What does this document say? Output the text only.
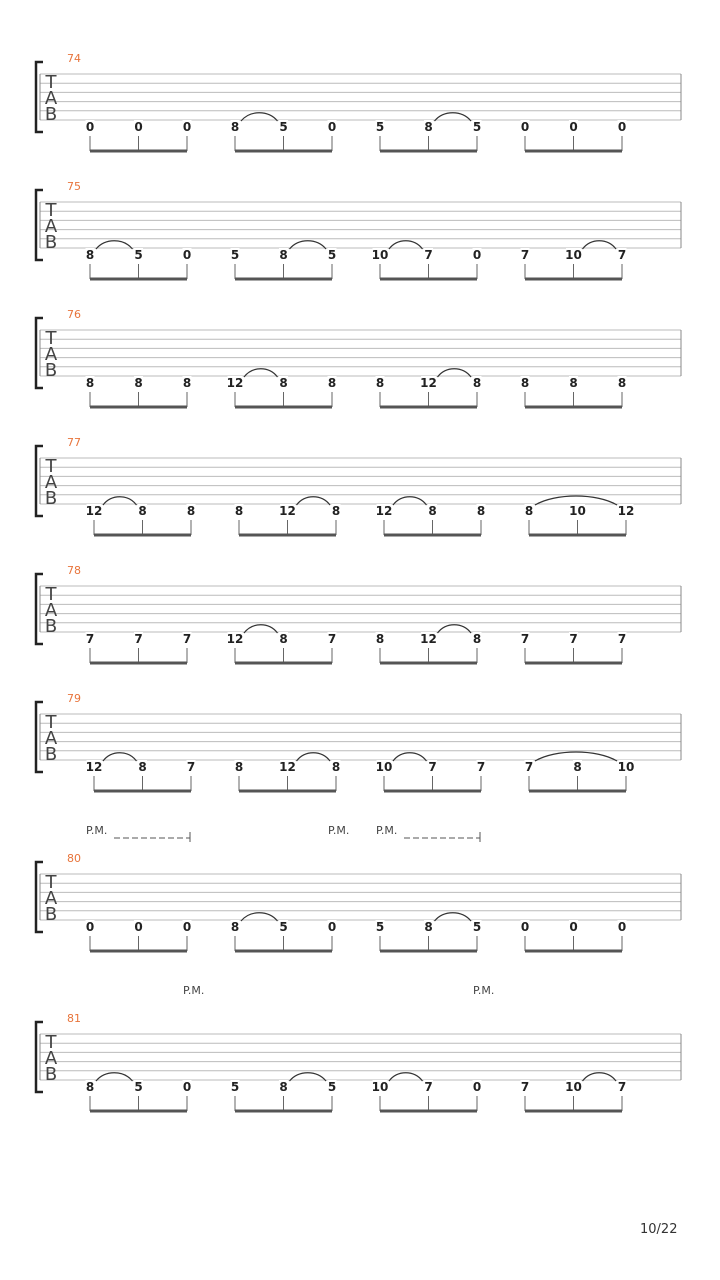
74
T
A
B
0	0	0	8	5	0	5	8	5	0	0	0
75
T
A
B
8	5	0	5	8	5	10	7	0	7	10	7
76
T
A
B
8	8	8	12	8	8	8	12	8	8	8	8
77
T
A
B
12	8	8	8	12	8	12	8	8	8	10	12
78
T
A
B
7	7	7	12	8	7	8	12	8	7	7	7
79
T
A
B
12	8	7	8	12	8	10	7	7	7	8	10
80
T
A
B
0	0	0	8	5	0	5	8	5	0	0	0
P.M.	P.M. P.M.
81
T
A
B
8	5	0	5	8	5	10	7	0	7	10	7
P.M.	P.M.
10/22
